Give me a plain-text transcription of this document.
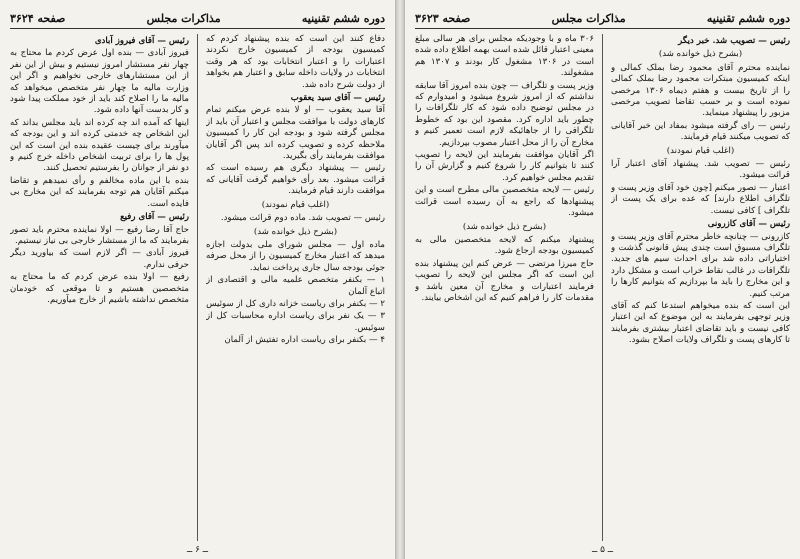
دوره ششم تقنینیه
مذاكرات مجلس
صفحه ۳۶۲۴

دفاع کنند این است که بنده پیشنهاد کردم که کمیسیون بودجه از کمیسیون خارج نکردند اعتبارات را و اعتبار انتخابات بود که هر وقت انتخابات در ولایات داخله سابق و اعتبار هم بخواهد از دولت شرح داده شد.

رئیس — آقای سید یعقوب

آقا سید یعقوب — او لا بنده عرض میکنم تمام کارهای دولت با موافقت مجلس و اعتبار آن باید از مجلس گرفته شود و بودجه این کار را کمیسیون ملاحظه کرده و تصویب کرده اند پس اگر آقایان موافقت بفرمایند رأی بگیرید.

رئیس — پیشنهاد دیگری هم رسیده است که قرائت میشود. بعد رأی خواهیم گرفت آقایانی که موافقت دارند قیام فرمایند.

(اغلب قیام نمودند)

رئیس — تصویب شد. ماده دوم قرائت میشود.

(بشرح ذیل خوانده شد)

ماده اول — مجلس شورای ملی بدولت اجازه میدهد که اعتبار مخارج کمیسیون را از محل صرفه جوئی بودجه سال جاری پرداخت نماید.

۱ — بکنفر متخصص علمیه مالی و اقتصادی از اتباع آلمان

۲ — بکنفر برای ریاست خزانه داری کل از سوئیس

۳ — یک نفر برای ریاست اداره محاسبات کل از سوئیس.

۴ — بکنفر برای ریاست اداره تفتیش از آلمان

رئیس — آقای فیروز آبادی

فیروز آبادی — بنده اول عرض کردم ما محتاج به چهار نفر مستشار امروز نیستیم و بیش از این نفر از این مستشارهای خارجی نخواهیم و اگر این وزارت مالیه ما چهار نفر متخصص میخواهد که مالیه ما را اصلاح کند باید از خود مملکت پیدا شود و کار بدست آنها داده شود.

اینها که آمده اند چه کرده اند باید مجلس بداند که این اشخاص چه خدمتی کرده اند و این بودجه که میآورند برای چیست عقیده بنده این است که این پول ها را برای تربیت اشخاص داخله خرج کنیم و دو نفر از جوانان را بفرستیم تحصیل کنند.

بنده با این ماده مخالفم و رأی نمیدهم و تقاضا میکنم آقایان هم توجه بفرمایند که این مخارج بی فایده است.

رئیس — آقای رفیع

حاج آقا رضا رفیع — اولا نماینده محترم باید تصور بفرمایند که ما از مستشار خارجی بی نیاز نیستیم.

فیروز آبادی — اگر لازم است که بیاورید دیگر حرفی ندارم.

رفیع — اولا بنده عرض کردم که ما محتاج به متخصصین هستیم و تا موقعی که خودمان متخصص نداشته باشیم از خارج میآوریم.

ــ ۶ ــ
دوره ششم تقنینیه
مذاكرات مجلس
صفحه ۳۶۲۳

رئیس — تصویب شد. خبر دیگر

(بشرح ذیل خوانده شد)

نماینده محترم آقای محمود رضا بملک کمالی و اینکه کمیسیون مبتکرات محمود رضا بملک کمالی را از تاریخ بیست و هفتم دیماه ۱۳۰۶ مرخصی نموده است و بر حسب تقاضا تصویب مرخصی مزبور را پیشنهاد مینماید.

رئیس — رای گرفته میشود بمفاد این خبر آقایانی که تصویب میکنند قیام فرمایند.

(اغلب قیام نمودند)

رئیس — تصویب شد. پیشنهاد آقای اعتبار آرا قرائت میشود.

اعتبار — تصور میکنم [چون خود آقای وزیر پست و تلگراف اطلاع دارند] که عده برای یک پست از تلگراف ] کافی نیست.

رئیس — آقای کازرونی

کازرونی — چنانچه خاطر محترم آقای وزیر پست و تلگراف مسبوق است چندی پیش قانونی گذشت و اختیاراتی داده شد برای احداث سیم های جدید. تلگرافات در غالب نقاط خراب است و مشکل دارد و این مخارج را باید ما بپردازیم که بتوانیم کارها را مرتب کنیم.

این است که بنده میخواهم استدعا کنم که آقای وزیر توجهی بفرمایند به این موضوع که این اعتبار کافی نیست و باید تقاضای اعتبار بیشتری بفرمایند تا کارهای پست و تلگراف ولایات اصلاح بشود.

۳۰۶ ماه و با وجودیکه مجلس برای هر سالی مبلغ معینی اعتبار قائل شده است بهمه اطلاع داده شده است در ۱۳۰۶ مشغول کار بودند و ۱۳۰۷ هم مشغولند.

وزیر پست و تلگراف — چون بنده امروز آقا سابقه نداشتم که از امروز شروع میشود و امیدوارم که در مجلس توضیح داده شود که کار تلگرافات را چطور باید اداره کرد. مقصود این بود که خطوط تلگرافی را از جاهائیکه لازم است تعمیر کنیم و مخارج آن را از محل اعتبار مصوب بپردازیم.

اگر آقایان موافقت بفرمایند این لایحه را تصویب کنند تا بتوانیم کار را شروع کنیم و گزارش آن را تقدیم مجلس خواهیم کرد.

رئیس — لایحه متخصصین مالی مطرح است و این پیشنهادها که راجع به آن رسیده است قرائت میشود.

(بشرح ذیل خوانده شد)

پیشنهاد میکنم که لایحه متخصصین مالی به کمیسیون بودجه ارجاع شود.

حاج میرزا مرتضی — عرض کنم این پیشنهاد بنده این است که اگر مجلس این لایحه را تصویب فرمایند اعتبارات و مخارج آن معین باشد و مقدمات کار را فراهم کنیم که این اشخاص بیایند.

ــ ۵ ــ
